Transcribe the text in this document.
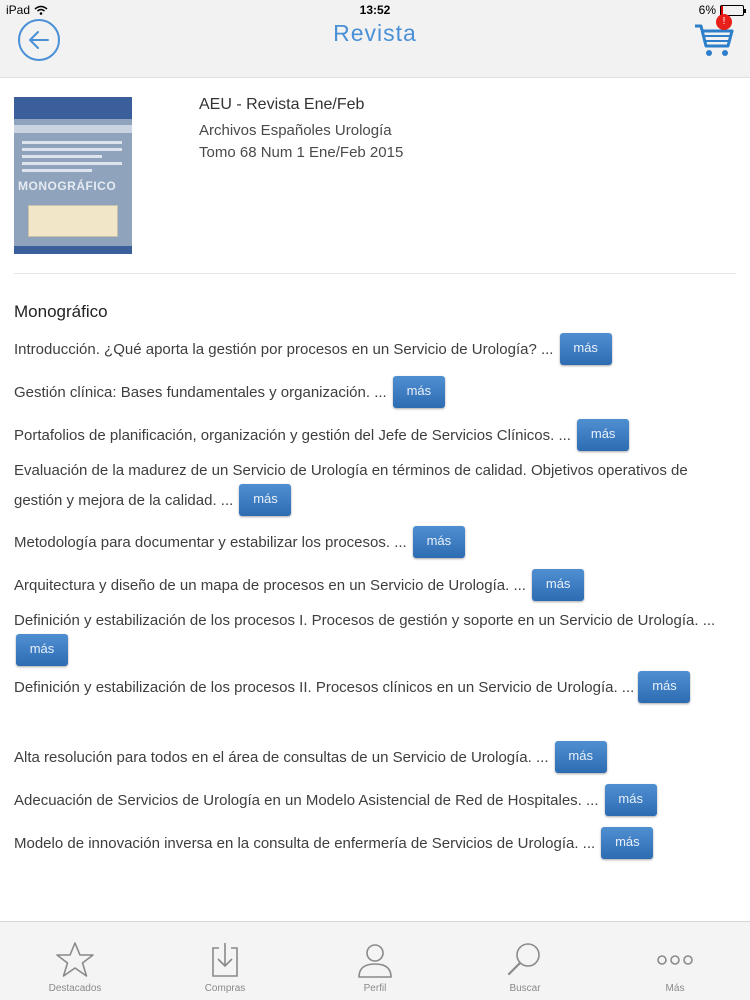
iPad	13:52	6%
Revista	!
MONOGRÁFICO
AEU - Revista Ene/Feb
Archivos Españoles Urología
Tomo 68 Num 1 Ene/Feb 2015
Monográfico
Introducción. ¿Qué aporta la gestión por procesos en un Servicio de Urología? ... más
Gestión clínica: Bases fundamentales y organización. ... más
Portafolios de planificación, organización y gestión del Jefe de Servicios Clínicos. ... más
Evaluación de la madurez de un Servicio de Urología en términos de calidad. Objetivos operativos de gestión y mejora de la calidad. ... más
Metodología para documentar y estabilizar los procesos. ... más
Arquitectura y diseño de un mapa de procesos en un Servicio de Urología. ... más
Definición y estabilización de los procesos I. Procesos de gestión y soporte en un Servicio de Urología. ... más
Definición y estabilización de los procesos II. Procesos clínicos en un Servicio de Urología. ... más
Alta resolución para todos en el área de consultas de un Servicio de Urología. ... más
Adecuación de Servicios de Urología en un Modelo Asistencial de Red de Hospitales. ... más
Modelo de innovación inversa en la consulta de enfermería de Servicios de Urología. ... más
Destacados	Compras	Perfil	Buscar	Más
